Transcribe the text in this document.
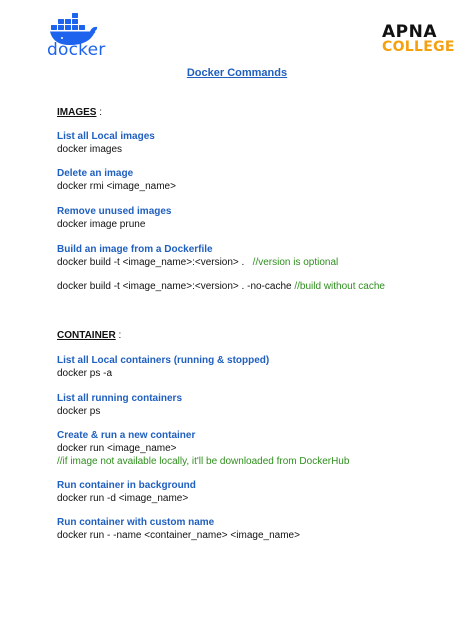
docker
APNA
COLLEGE
Docker Commands
IMAGES :
List all Local images
docker images
Delete an image
docker rmi <image_name>
Remove unused images
docker image prune
Build an image from a Dockerfile
docker build -t <image_name>:<version> .   //version is optional
docker build -t <image_name>:<version> . -no-cache //build without cache
CONTAINER :
List all Local containers (running & stopped)
docker ps -a
List all running containers
docker ps
Create & run a new container
docker run <image_name>
//if image not available locally, it'll be downloaded from DockerHub
Run container in background
docker run -d <image_name>
Run container with custom name
docker run - -name <container_name> <image_name>
